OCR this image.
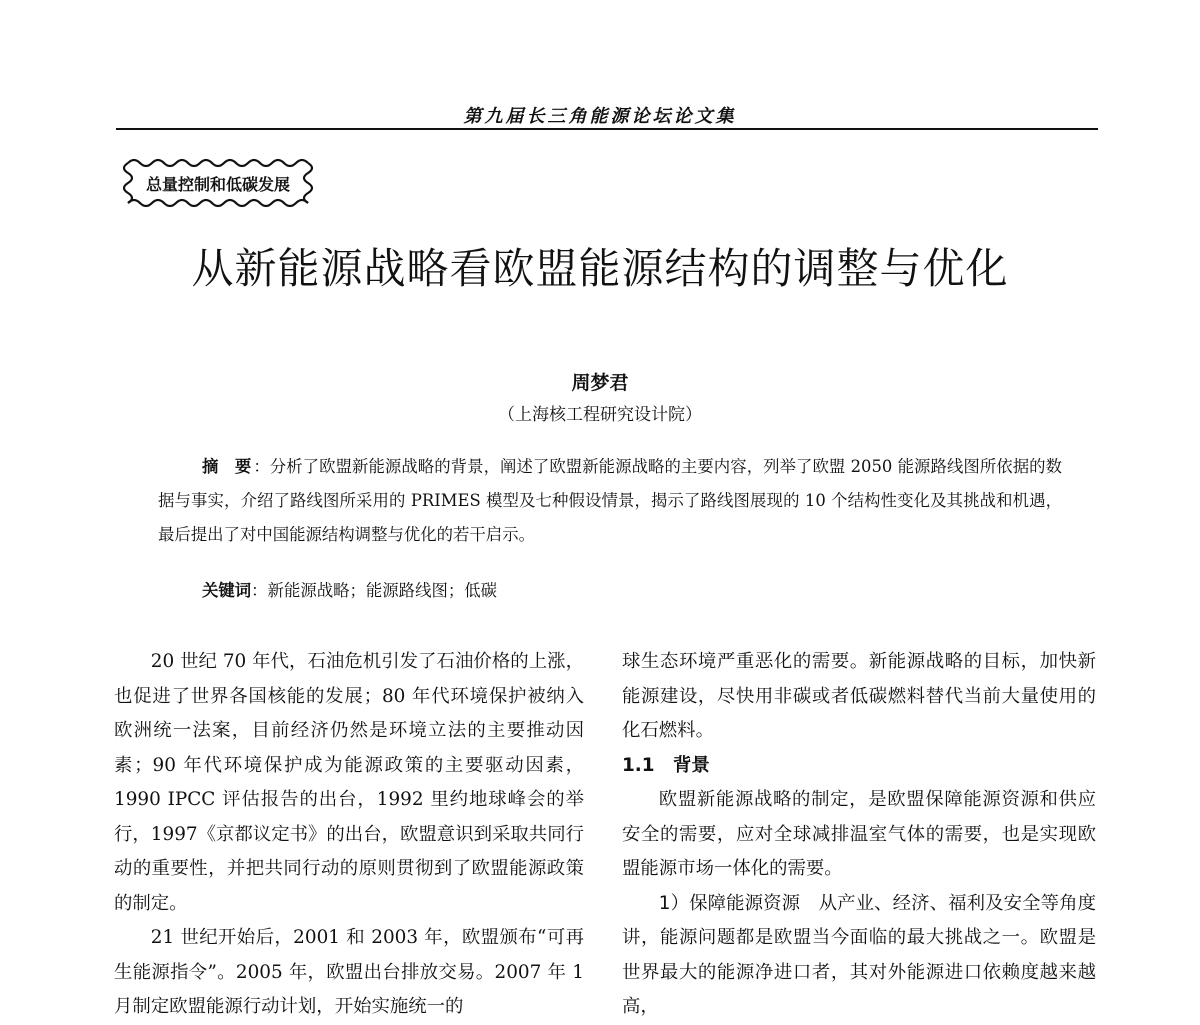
第九届长三角能源论坛论文集
总量控制和低碳发展
从新能源战略看欧盟能源结构的调整与优化
周梦君
（上海核工程研究设计院）
摘　要 ：分析了欧盟新能源战略的背景，阐述了欧盟新能源战略的主要内容，列举了欧盟 2050 能源路线图所依据的数据与事实，介绍了路线图所采用的 PRIMES 模型及七种假设情景，揭示了路线图展现的 10 个结构性变化及其挑战和机遇，最后提出了对中国能源结构调整与优化的若干启示。
关键词：新能源战略；能源路线图；低碳

20 世纪 70 年代，石油危机引发了石油价格的上涨，也促进了世界各国核能的发展；80 年代环境保护被纳入欧洲统一法案，目前经济仍然是环境立法的主要推动因素；90 年代环境保护成为能源政策的主要驱动因素，1990 IPCC 评估报告的出台，1992 里约地球峰会的举行，1997《京都议定书》的出台，欧盟意识到采取共同行动的重要性，并把共同行动的原则贯彻到了欧盟能源政策的制定。

21 世纪开始后，2001 和 2003 年，欧盟颁布“可再生能源指令”。2005 年，欧盟出台排放交易。2007 年 1 月制定欧盟能源行动计划，开始实施统一的

球生态环境严重恶化的需要。新能源战略的目标，加快新能源建设，尽快用非碳或者低碳燃料替代当前大量使用的化石燃料。

1.1　背景

欧盟新能源战略的制定，是欧盟保障能源资源和供应安全的需要，应对全球减排温室气体的需要，也是实现欧盟能源市场一体化的需要。

1）保障能源资源　从产业、经济、福利及安全等角度讲，能源问题都是欧盟当今面临的最大挑战之一。欧盟是世界最大的能源净进口者，其对外能源进口依赖度越来越高，
